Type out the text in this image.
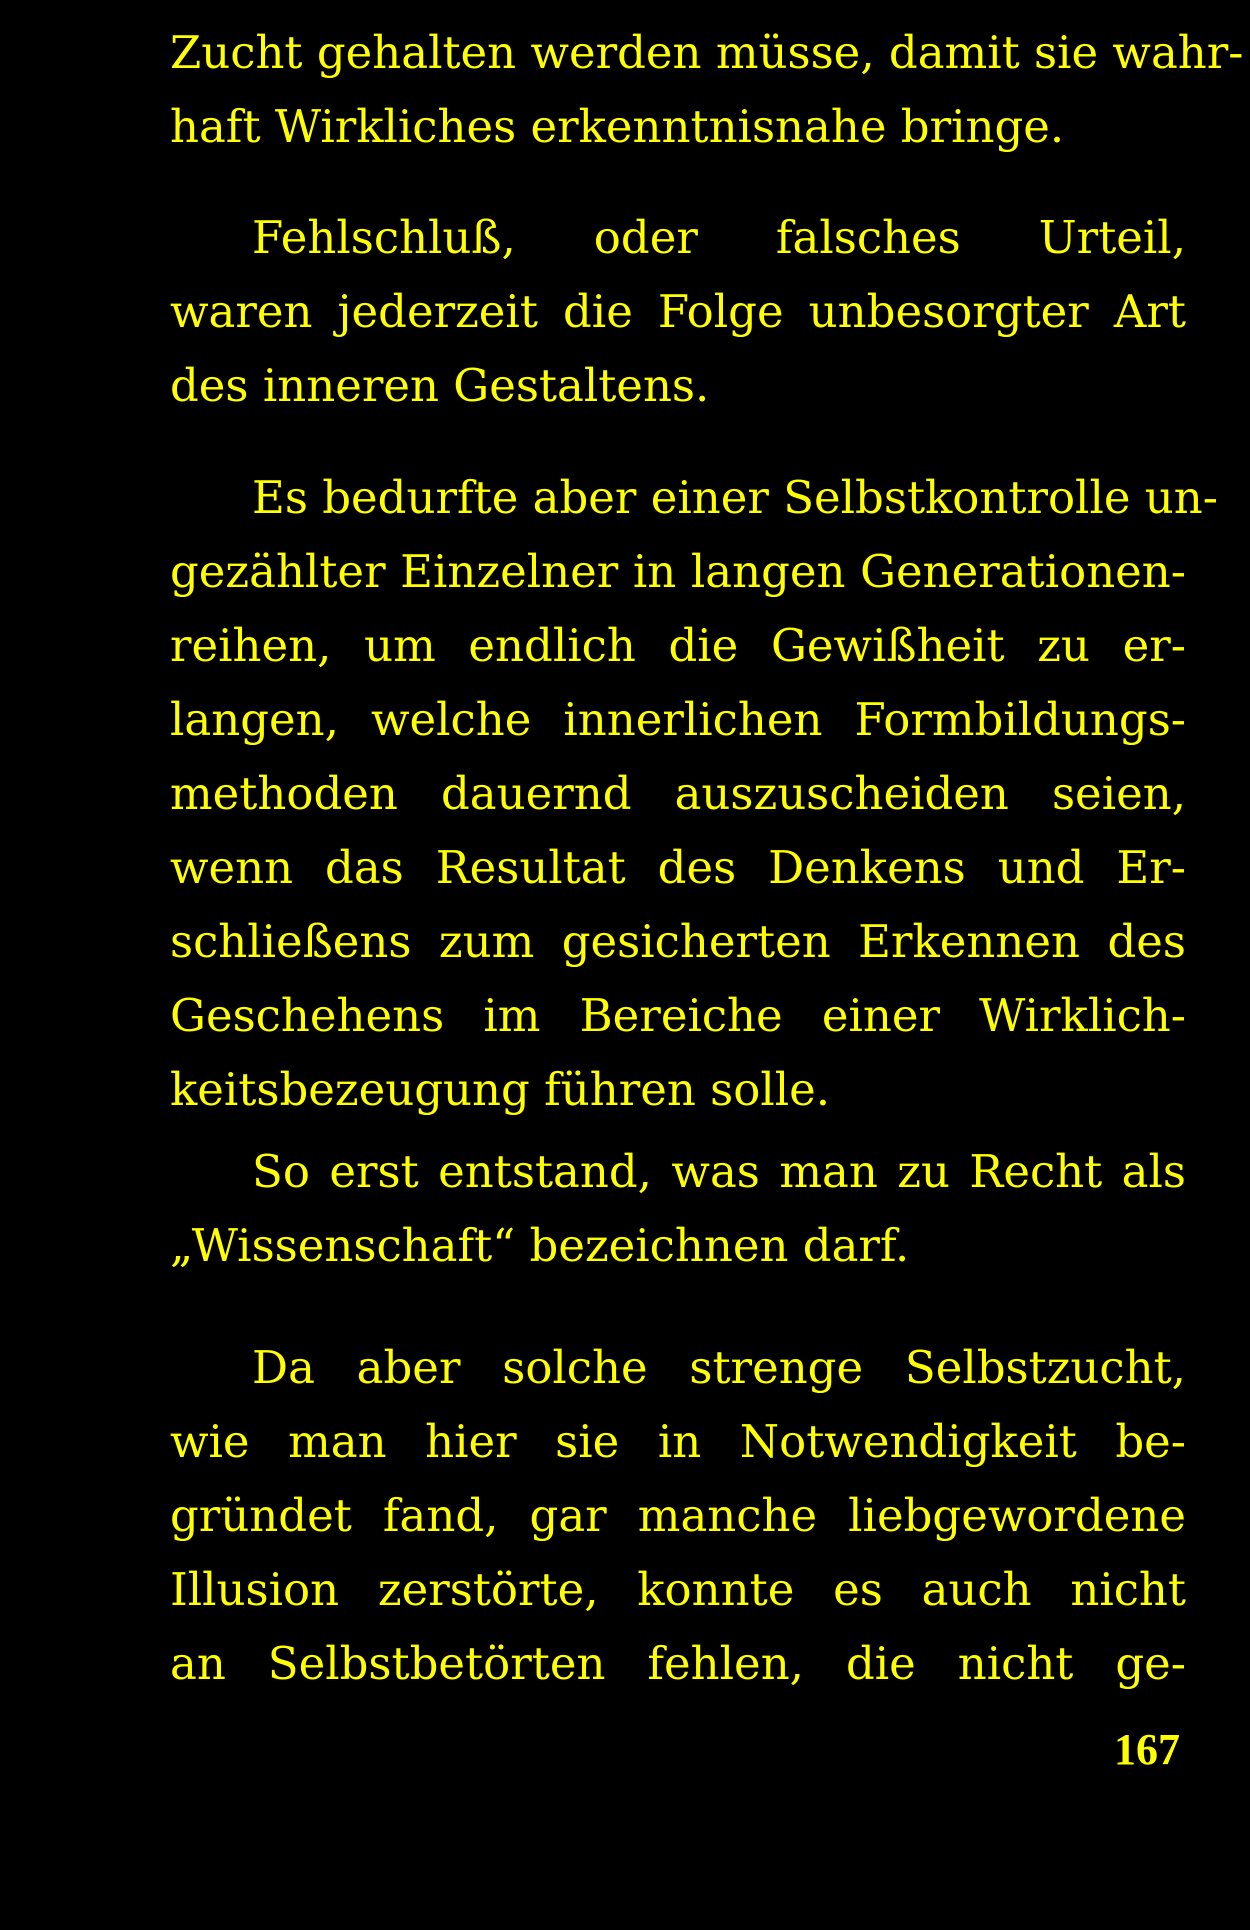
Zucht gehalten werden müsse, damit sie wahr-
haft Wirkliches erkenntnisnahe bringe.
Fehlschluß, oder falsches Urteil,
waren jederzeit die Folge unbesorgter Art
des inneren Gestaltens.
Es bedurfte aber einer Selbstkontrolle un-
gezählter Einzelner in langen Generationen-
reihen, um endlich die Gewißheit zu er-
langen, welche innerlichen Formbildungs-
methoden dauernd auszuscheiden seien,
wenn das Resultat des Denkens und Er-
schließens zum gesicherten Erkennen des
Geschehens im Bereiche einer Wirklich-
keitsbezeugung führen solle.
So erst entstand, was man zu Recht als
„Wissenschaft“ bezeichnen darf.
Da aber solche strenge Selbstzucht,
wie man hier sie in Notwendigkeit be-
gründet fand, gar manche liebgewordene
Illusion zerstörte, konnte es auch nicht
an Selbstbetörten fehlen, die nicht ge-
167
